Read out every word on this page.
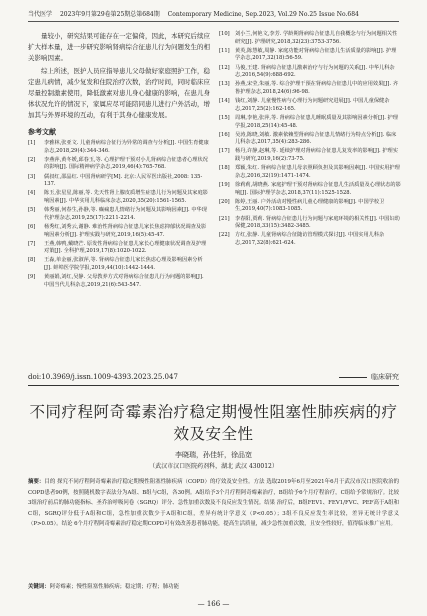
当代医学 2023年9月第29卷第25期总第684期 Contemporary Medicine, Sep.2023, Vol.29 No.25 Issue No.684

量较小，研究结果可能存在一定偏倚，因此，本研究后续应扩大样本量，进一步研究影响肾病综合征患儿行为问题发生的相关影响因素。

综上所述，医护人员应指导患儿父母做好家庭照护工作，稳定患儿病情，减少复发和住院治疗次数，治疗时间，同时临床应尽量控制激素使用，降低激素对患儿身心健康的影响，在患儿身体状况允许的情况下，家属应尽可能陪同患儿进行户外活动，增加其与外界环境的互动，有利于其身心健康发展。

参考文献
[1]	李雅林,张亚文. 儿童肾病综合征行为异常的调查与分析[J]. 中国生育健康杂志,2018,29(4):344-346.
[2]	李燕萍,黄冬媛,邱春玉,等. 心理护理干预对小儿肾病综合征患者心理状况的影响[J]. 国际精神病学杂志,2019,46(4):765-768.
[3]	儒叔红,邵晶红. 中国肾病研学[M]. 北京:人民军医出版社,2008: 135-137.
[4]	陈玉,张星星,陈丽,等. 先天性肾上腺皮质增生症患儿行为问题及其家庭影响因素[J]. 中华实用儿科临床杂志,2020,35(20):1561-1565.
[5]	韩秀丽,何春生,孙静,等. 癫痫患儿情绪行为问题及其影响因素[J]. 中华现代护理杂志,2019,25(17):2211-2214.
[6]	杨秀红,刘秀云,谢静. 难治性肾病综合征患儿家长焦虑抑郁状况调查及影响因素分析[J]. 护理实践与研究,2019,16(5):45-47.
[7]	王燕,韩鸭,戴晓芒. 原发性肾病综合征患儿家长心理健康状况调查及护理对策[J]. 全科护理,2019,17(8):1020-1022.
[8]	王淼,单金丽,张淑萍,等. 肾病综合征患儿家长焦虑心理及影响因素分析[J]. 蚌埠医学院学报,2019,44(10):1442-1444.
[9]	黄丽娟,刘红,吴静. 父母教养方式对肾病综合征患儿行为问题的影响[J]. 中国当代儿科杂志,2019,21(6):543-547.
[10]	刘小兰,何艳文,李芳. 学龄期肾病综合征患儿自我概念与行为问题相关性研究[J]. 护理研究,2018,32(23):3753-3756.
[11]	黄英,陈慧敏,周静. 家庭功能对肾病综合征患儿生活质量的影响[J]. 护理学杂志,2017,32(18):56-59.
[12]	马俊,王建. 肾病综合征患儿激素治疗与行为问题的关系[J]. 中华儿科杂志,2016,54(9):688-692.
[13]	孙燕,宋莹,朱丽,等. 综合护理干预在肾病综合征患儿中的应用效果[J]. 齐鲁护理杂志,2018,24(6):96-98.
[14]	钱红,刘静. 儿童慢性病与心理行为问题研究进展[J]. 中国儿童保健杂志,2017,25(2):162-165.
[15]	周琳,李艳,张萍,等. 肾病综合征患儿睡眠质量及其影响因素分析[J]. 护理学报,2018,25(14):45-48.
[16]	吴涛,陈晓,刘敏. 激素依赖型肾病综合征患儿情绪行为特点分析[J]. 临床儿科杂志,2017,35(4):283-286.
[17]	杨丹,许静,赵琳,等. 延续护理对肾病综合征患儿复发率的影响[J]. 护理实践与研究,2019,16(2):73-75.
[18]	郑颖,朱红. 肾病综合征患儿母亲照顾负担及其影响因素[J]. 中国实用护理杂志,2016,32(19):1471-1474.
[19]	徐莉莉,胡晓燕. 家庭护理干预对肾病综合征患儿生活质量及心理状态的影响[J]. 国际护理学杂志,2018,37(11):1525-1528.
[20]	陈婷,王丽. 户外活动对慢性病儿童心理健康的影响[J]. 中国学校卫生,2019,40(7):1083-1085.
[21]	李春阳,贾莉. 肾病综合征患儿行为问题与家庭环境的相关性[J]. 中国妇幼保健,2018,33(15):3482-3485.
[22]	方红,张静. 儿童肾病综合征随访管理模式探讨[J]. 中国实用儿科杂志,2017,32(8):621-624.
doi:10.3969/j.issn.1009-4393.2023.25.047	临床研究
不同疗程阿奇霉素治疗稳定期慢性阻塞性肺疾病的疗效及安全性
李晓瑞，孙佳轩，徐品宽
（武汉市汉口医院药剂科，湖北 武汉 430012）
摘要：目的 探究不同疗程阿奇霉素治疗稳定期慢性阻塞性肺疾病（COPD）的疗效及安全性。方法 选取2019年6月至2021年6月于武汉市汉口医院收治的COPD患者90例，按照随机数字表法分为A组、B组与C组，各30例。A组给予3个月疗程阿奇霉素治疗，B组给予6个月疗程治疗，C组给予常规治疗。比较3组治疗前后的肺功能指标、圣乔治呼吸问卷（SGRQ）评分、急性加重次数及不良反应发生情况。结果 治疗后，B组FEV1、FEV1/FVC、PEF高于A组和C组，SGRQ评分低于A组和C组，急性加重次数少于A组和C组，差异有统计学意义（P<0.05）；3组不良反应发生率比较，差异无统计学意义（P>0.05）。结论 6个月疗程阿奇霉素治疗稳定期COPD可有效改善患者肺功能，提高生活质量，减少急性加重次数，且安全性较好，值得临床推广应用。
关键词：阿奇霉素；慢性阻塞性肺疾病；稳定期；疗程；肺功能
— 166 —
